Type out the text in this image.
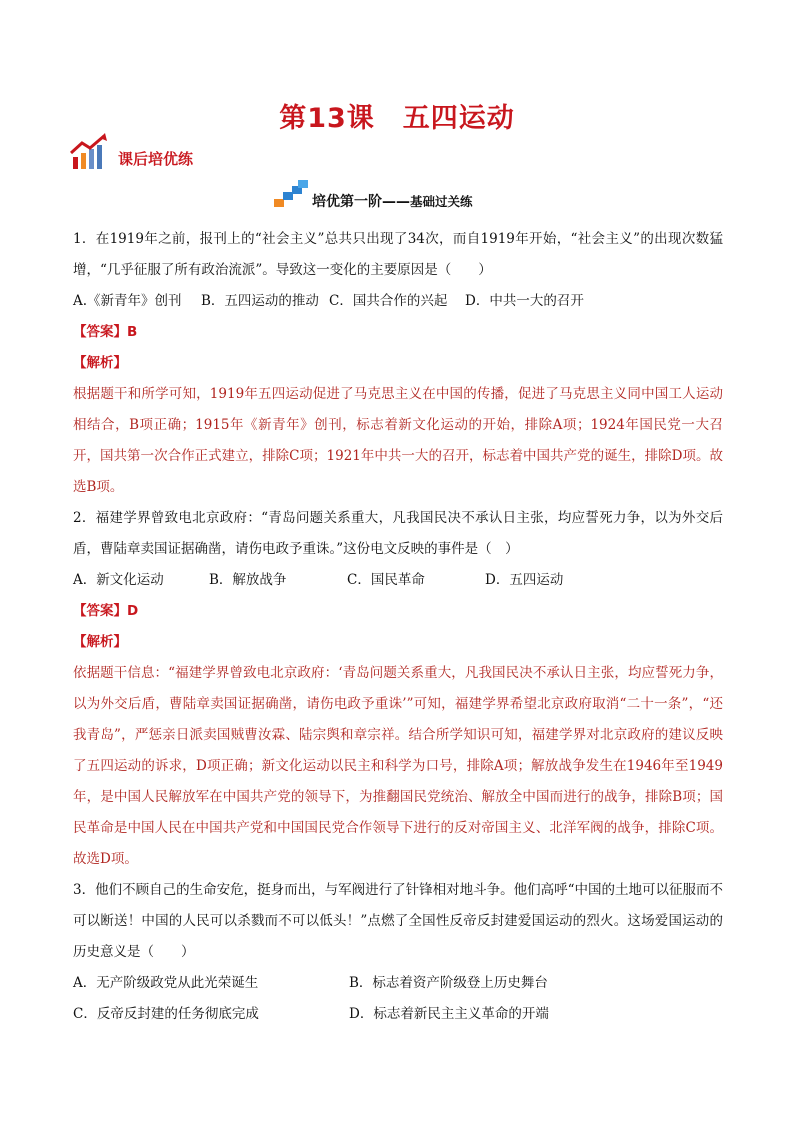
第13课 五四运动
课后培优练
培优第一阶——基础过关练

1．在1919年之前，报刊上的“社会主义”总共只出现了34次，而自1919年开始，“社会主义”的出现次数猛增，“几乎征服了所有政治流派”。导致这一变化的主要原因是（　　）

A.《新青年》创刊	B．五四运动的推动 C．国共合作的兴起	D．中共一大的召开

【答案】B

【解析】

根据题干和所学可知，1919年五四运动促进了马克思主义在中国的传播，促进了马克思主义同中国工人运动相结合，B项正确；1915年《新青年》创刊，标志着新文化运动的开始，排除A项；1924年国民党一大召开，国共第一次合作正式建立，排除C项；1921年中共一大的召开，标志着中国共产党的诞生，排除D项。故选B项。

2．福建学界曾致电北京政府：“青岛问题关系重大，凡我国民决不承认日主张，均应誓死力争，以为外交后盾，曹陆章卖国证据确凿，请伤电政予重诛。”这份电文反映的事件是（　）

A．新文化运动	B．解放战争	C．国民革命	D．五四运动

【答案】D

【解析】

依据题干信息：“福建学界曾致电北京政府：‘青岛问题关系重大，凡我国民决不承认日主张，均应誓死力争，以为外交后盾，曹陆章卖国证据确凿，请伤电政予重诛’”可知，福建学界希望北京政府取消“二十一条”，“还我青岛”，严惩亲日派卖国贼曹汝霖、陆宗舆和章宗祥。结合所学知识可知，福建学界对北京政府的建议反映了五四运动的诉求，D项正确；新文化运动以民主和科学为口号，排除A项；解放战争发生在1946年至1949年，是中国人民解放军在中国共产党的领导下，为推翻国民党统治、解放全中国而进行的战争，排除B项；国民革命是中国人民在中国共产党和中国国民党合作领导下进行的反对帝国主义、北洋军阀的战争，排除C项。故选D项。

3．他们不顾自己的生命安危，挺身而出，与军阀进行了针锋相对地斗争。他们高呼“中国的土地可以征服而不可以断送！中国的人民可以杀戮而不可以低头！”点燃了全国性反帝反封建爱国运动的烈火。这场爱国运动的历史意义是（　　）

A．无产阶级政党从此光荣诞生	B．标志着资产阶级登上历史舞台
C．反帝反封建的任务彻底完成	D．标志着新民主主义革命的开端
